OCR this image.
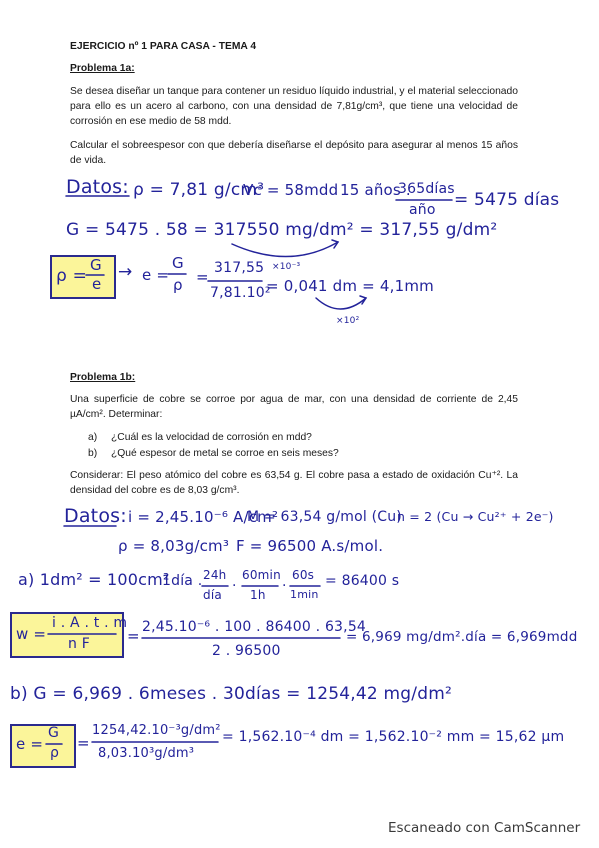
EJERCICIO nº 1 PARA CASA - TEMA 4
Problema 1a:
Se desea diseñar un tanque para contener un residuo líquido industrial, y el material seleccionado para ello es un acero al carbono, con una densidad de 7,81g/cm³, que tiene una velocidad de corrosión en ese medio de 58 mdd.
Calcular el sobreespesor con que debería diseñarse el depósito para asegurar al menos 15 años de vida.
Datos: ρ = 7,81 g/cm³
Vc = 58mdd 15 años .
365días
año = 5475 días
G = 5475 . 58 = 317550 mg/dm² = 317,55 g/dm²
×10⁻³
ρ =
G
e
→ e =
G
ρ = 317,55
7,81.10²
= 0,041 dm = 4,1mm
×10²
Problema 1b:
Una superficie de cobre se corroe por agua de mar, con una densidad de corriente de 2,45 µA/cm². Determinar:
a) ¿Cuál es la velocidad de corrosión en mdd?
b) ¿Qué espesor de metal se corroe en seis meses?
Considerar: El peso atómico del cobre es 63,54 g. El cobre pasa a estado de oxidación Cu⁺². La densidad del cobre es de 8,03 g/cm³.
Datos: i = 2,45.10⁻⁶ A/cm²
M = 63,54 g/mol (Cu)
n = 2 (Cu → Cu²⁺ + 2e⁻)
ρ = 8,03g/cm³ F = 96500 A.s/mol.
a) 1dm² = 100cm²
1día . 24h
día
. 60min
1h
. 60s
1min
= 86400 s
w =
i . A . t . m
n F = 2,45.10⁻⁶ . 100 . 86400 . 63,54
2 . 96500
= 6,969 mg/dm².día = 6,969mdd
b) G = 6,969 . 6meses . 30días = 1254,42 mg/dm²
e =
G
ρ
=
1254,42.10⁻³g/dm²
8,03.10³g/dm³
= 1,562.10⁻⁴ dm = 1,562.10⁻² mm = 15,62 µm
Escaneado con CamScanner
